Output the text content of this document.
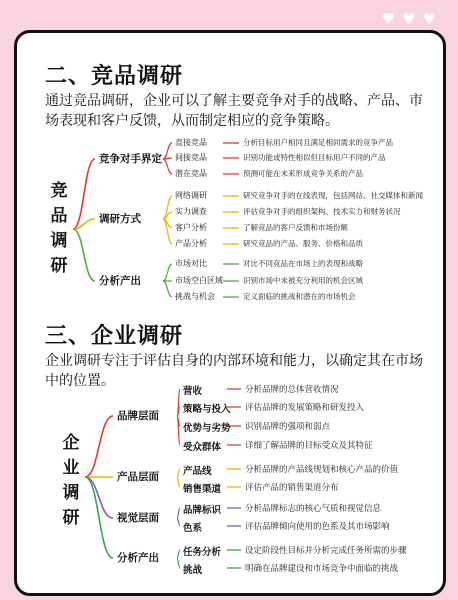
♥ ♥ ♥
二、竞品调研
通过竞品调研，企业可以了解主要竞争对手的战略、产品、市场表现和客户反馈，从而制定相应的竞争策略。
三、企业调研
企业调研专注于评估自身的内部环境和能力，以确定其在市场中的位置。
竞
品
调
研
竞争对手界定
直接竞品	分析目标用户相同且满足相同需求的竞争产品
间接竞品	识别功能或特性相似但目标用户不同的产品
潜在竞品	预测可能在未来形成竞争关系的产品
调研方式
网络调研	研究竞争对手的在线表现，包括网站、社交媒体和新闻
实力调查	评估竞争对手的组织架构、技术实力和财务状况
客户分析	了解竞品的客户反馈和市场份额
产品分析	研究竞品的产品、服务、价格和品质
分析产出
市场对比	对比不同竞品在市场上的表现和战略
市场空白区域	识别市场中未被充分利用的机会区域
挑战与机会	定义面临的挑战和潜在的市场机会
企
业
调
研
品牌层面
营收	分析品牌的总体营收情况
策略与投入 评估品牌的发展策略和研发投入
优势与劣势 识别品牌的强项和弱点
受众群体	详细了解品牌的目标受众及其特征
产品层面	产品线	分析品牌的产品线规划和核心产品的价值
销售渠道	评估产品的销售渠道分布
视觉层面
品牌标识	分析品牌标志的核心气质和视觉信息
色系	评估品牌倾向使用的色系及其市场影响
分析产出	任务分析	设定阶段性目标并分析完成任务所需的步骤
挑战	明确在品牌建设和市场竞争中面临的挑战
